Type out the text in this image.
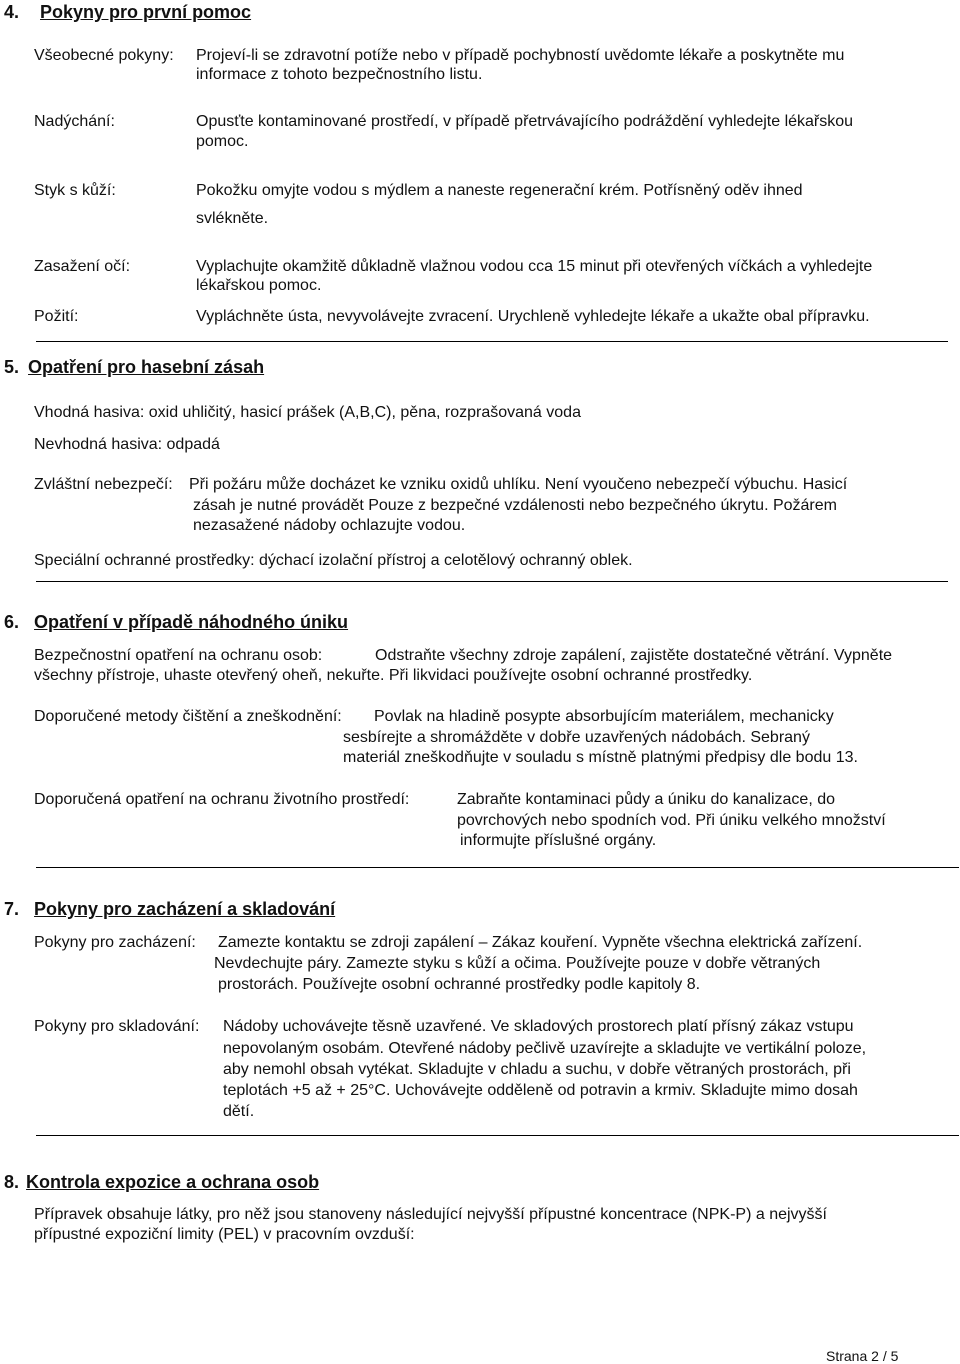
4. Pokyny pro první pomoc
Všeobecné pokyny: Projeví-li se zdravotní potíže nebo v případě pochybností uvědomte lékaře a poskytněte mu
informace z tohoto bezpečnostního listu.
Nadýchání:	Opusťte kontaminované prostředí, v případě přetrvávajícího podráždění vyhledejte lékařskou
pomoc.
Styk s kůží:	Pokožku omyjte vodou s mýdlem a naneste regenerační krém. Potřísněný oděv ihned
svlékněte.
Zasažení očí:	Vyplachujte okamžitě důkladně vlažnou vodou cca 15 minut při otevřených víčkách a vyhledejte
lékařskou pomoc.
Požití:	Vypláchněte ústa, nevyvolávejte zvracení. Urychleně vyhledejte lékaře a ukažte obal přípravku.
5. Opatření pro hasební zásah
Vhodná hasiva: oxid uhličitý, hasicí prášek (A,B,C), pěna, rozprašovaná voda
Nevhodná hasiva: odpadá
Zvláštní nebezpečí: Při požáru může docházet ke vzniku oxidů uhlíku. Není vyoučeno nebezpečí výbuchu. Hasicí
zásah je nutné provádět Pouze z bezpečné vzdálenosti nebo bezpečného úkrytu. Požárem
nezasažené nádoby ochlazujte vodou.
Speciální ochranné prostředky: dýchací izolační přístroj a celotělový ochranný oblek.
6. Opatření v případě náhodného úniku
Bezpečnostní opatření na ochranu osob:	Odstraňte všechny zdroje zapálení, zajistěte dostatečné větrání. Vypněte
všechny přístroje, uhaste otevřený oheň, nekuřte. Při likvidaci používejte osobní ochranné prostředky.
Doporučené metody čištění a zneškodnění: Povlak na hladině posypte absorbujícím materiálem, mechanicky
sesbírejte a shromážděte v dobře uzavřených nádobách. Sebraný
materiál zneškodňujte v souladu s místně platnými předpisy dle bodu 13.
Doporučená opatření na ochranu životního prostředí:	Zabraňte kontaminaci půdy a úniku do kanalizace, do
povrchových nebo spodních vod. Při úniku velkého množství
informujte příslušné orgány.
7. Pokyny pro zacházení a skladování
Pokyny pro zacházení: Zamezte kontaktu se zdroji zapálení – Zákaz kouření. Vypněte všechna elektrická zařízení.
Nevdechujte páry. Zamezte styku s kůží a očima. Používejte pouze v dobře větraných
prostorách. Používejte osobní ochranné prostředky podle kapitoly 8.
Pokyny pro skladování: Nádoby uchovávejte těsně uzavřené. Ve skladových prostorech platí přísný zákaz vstupu
nepovolaným osobám. Otevřené nádoby pečlivě uzavírejte a skladujte ve vertikální poloze,
aby nemohl obsah vytékat. Skladujte v chladu a suchu, v dobře větraných prostorách, při
teplotách +5 až + 25°C. Uchovávejte odděleně od potravin a krmiv. Skladujte mimo dosah
dětí.
8. Kontrola expozice a ochrana osob
Přípravek obsahuje látky, pro něž jsou stanoveny následující nejvyšší přípustné koncentrace (NPK-P) a nejvyšší
přípustné expoziční limity (PEL) v pracovním ovzduší:
Strana 2 / 5
